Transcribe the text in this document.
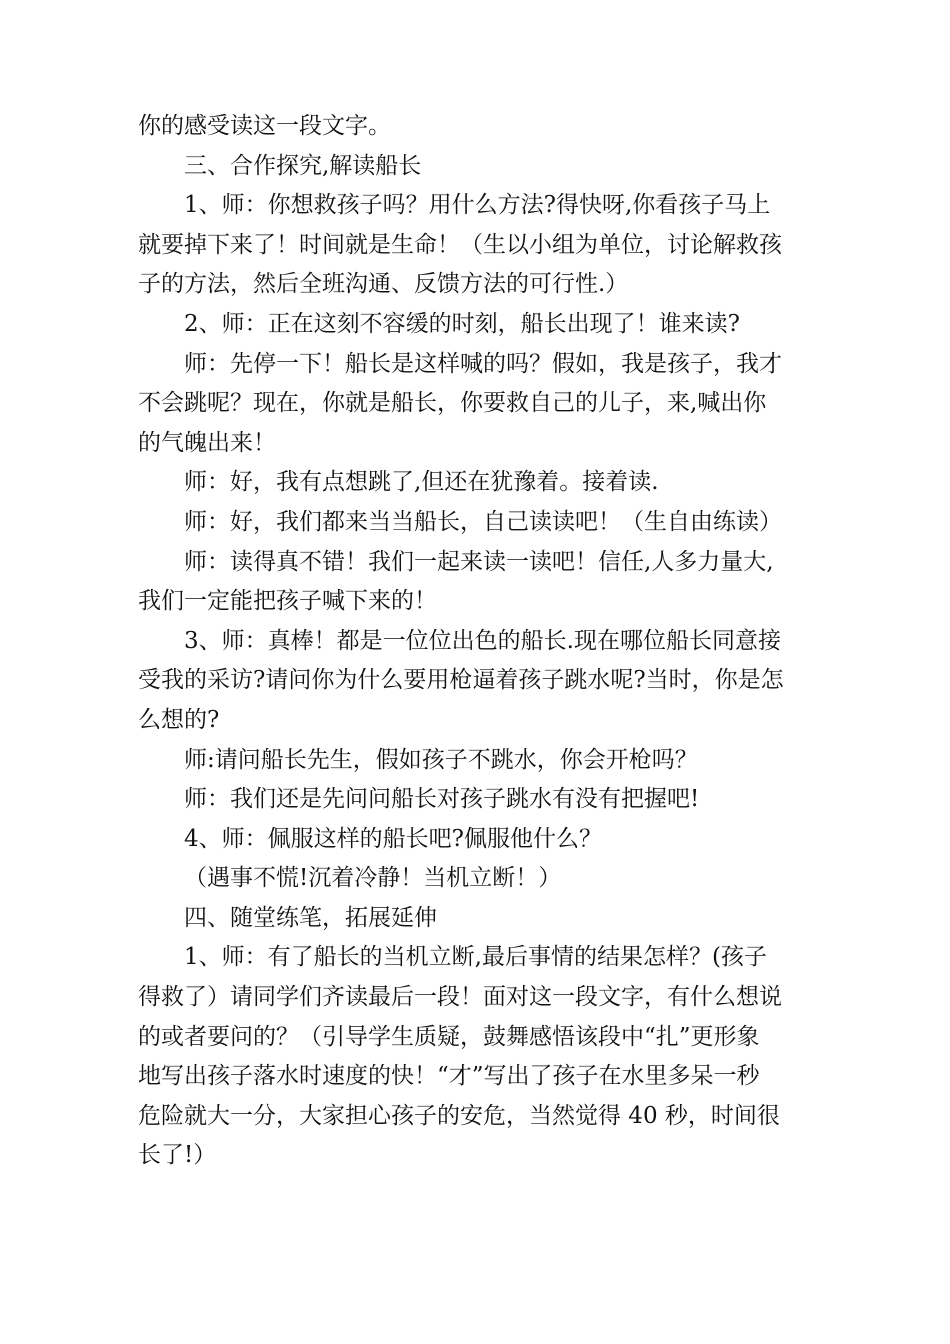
你的感受读这一段文字。
三、合作探究,解读船长
1、师：你想救孩子吗？用什么方法?得快呀,你看孩子马上
就要掉下来了！时间就是生命！（生以小组为单位，讨论解救孩
子的方法，然后全班沟通、反馈方法的可行性.）
2、师：正在这刻不容缓的时刻，船长出现了！谁来读?
师：先停一下！船长是这样喊的吗？假如，我是孩子，我才
不会跳呢？现在，你就是船长，你要救自己的儿子，来,喊出你
的气魄出来！
师：好，我有点想跳了,但还在犹豫着。接着读.
师：好，我们都来当当船长，自己读读吧！（生自由练读）
师：读得真不错！我们一起来读一读吧！信任,人多力量大,
我们一定能把孩子喊下来的！
3、师：真棒！都是一位位出色的船长.现在哪位船长同意接
受我的采访?请问你为什么要用枪逼着孩子跳水呢?当时，你是怎
么想的?
师:请问船长先生，假如孩子不跳水，你会开枪吗？
师：我们还是先问问船长对孩子跳水有没有把握吧!
4、师：佩服这样的船长吧?佩服他什么？
（遇事不慌!沉着冷静！当机立断！）
四、随堂练笔，拓展延伸
1、师：有了船长的当机立断,最后事情的结果怎样？(孩子
得救了）请同学们齐读最后一段！面对这一段文字，有什么想说
的或者要问的？（引导学生质疑，鼓舞感悟该段中“扎”更形象
地写出孩子落水时速度的快！“才”写出了孩子在水里多呆一秒
危险就大一分，大家担心孩子的安危，当然觉得 40 秒，时间很
长了!）
